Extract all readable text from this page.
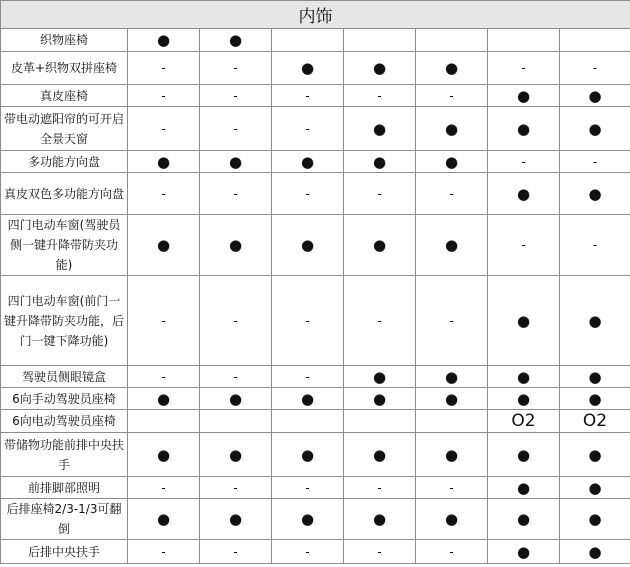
内饰							
织物座椅	●	●					
皮革+织物双拼座椅	-	-	●	●	●	-	-
真皮座椅	-	-	-	-	-	●	●
带电动遮阳帘的可开启全景天窗	-	-	-	●	●	●	●
多功能方向盘	●	●	●	●	●	-	-
真皮双色多功能方向盘	-	-	-	-	-	●	●
四门电动车窗(驾驶员侧一键升降带防夹功能)	●	●	●	●	●	-	-
四门电动车窗(前门一键升降带防夹功能，后门一键下降功能)	-	-	-	-	-	●	●
驾驶员侧眼镜盒	-	-	-	●	●	●	●
6向手动驾驶员座椅	●	●	●	●	●	●	●
6向电动驾驶员座椅						O2	O2
带储物功能前排中央扶手	●	●	●	●	●	●	●
前排脚部照明	-	-	-	-	-	●	●
后排座椅2/3-1/3可翻倒	●	●	●	●	●	●	●
后排中央扶手	-	-	-	-	-	●	●
